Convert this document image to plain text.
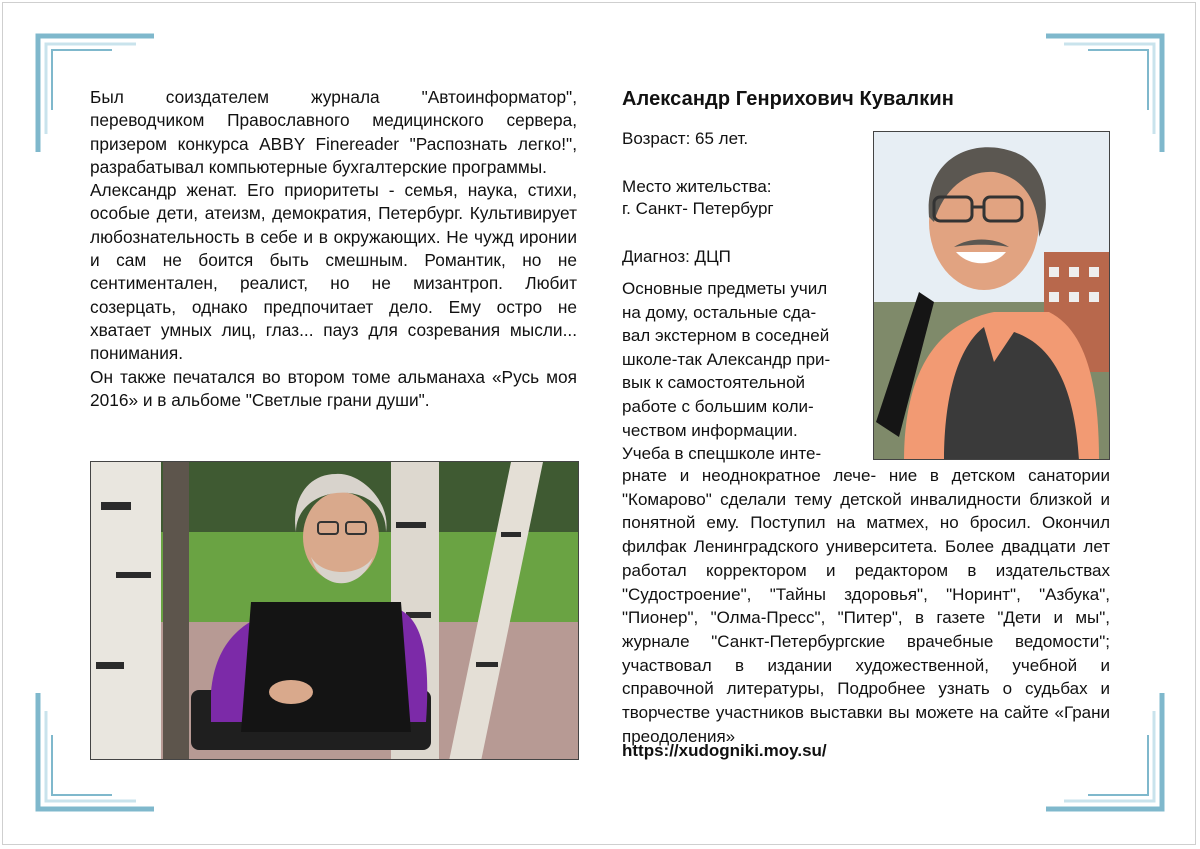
Был соиздателем журнала "Автоинформатор", переводчиком Православного медицинского сервера, призером конкурса ABBY Finereader "Распознать легко!", разрабатывал компьютерные бухгалтерские программы.

Александр женат. Его приоритеты - семья, наука, стихи, особые дети, атеизм, демократия, Петербург. Культивирует любознательность в себе и в окружающих. Не чужд иронии и сам не боится быть смешным. Романтик, но не сентиментален, реалист, но не мизантроп. Любит созерцать, однако предпочитает дело. Ему остро не хватает умных лиц, глаз... пауз для созревания мысли... понимания.

Он также печатался во втором томе альманаха «Русь моя 2016» и в альбоме "Светлые грани души".

Александр Генрихович Кувалкин
Возраст: 65 лет.
Место жительства:
г. Санкт- Петербург
Диагноз: ДЦП
Основные предметы учил
на дому, остальные сда-
вал экстерном в соседней
школе-так Александр при-
вык к самостоятельной
работе с большим коли-
чеством информации.
Учеба в спецшколе инте-
рнате и неоднократное лече- ние в детском санатории "Комарово" сделали тему детской инвалидности близкой и понятной ему. Поступил на матмех, но бросил. Окончил филфак Ленинградского университета. Более двадцати лет работал корректором и редактором в издательствах "Судостроение", "Тайны здоровья", "Норинт", "Азбука", "Пионер", "Олма-Пресс", "Питер", в газете "Дети и мы", журнале "Санкт-Петербургские врачебные ведомости"; участвовал в издании художественной, учебной и справочной литературы, Подробнее узнать о судьбах и творчестве участников выставки вы можете на сайте «Грани преодоления»
https://xudogniki.moy.su/
